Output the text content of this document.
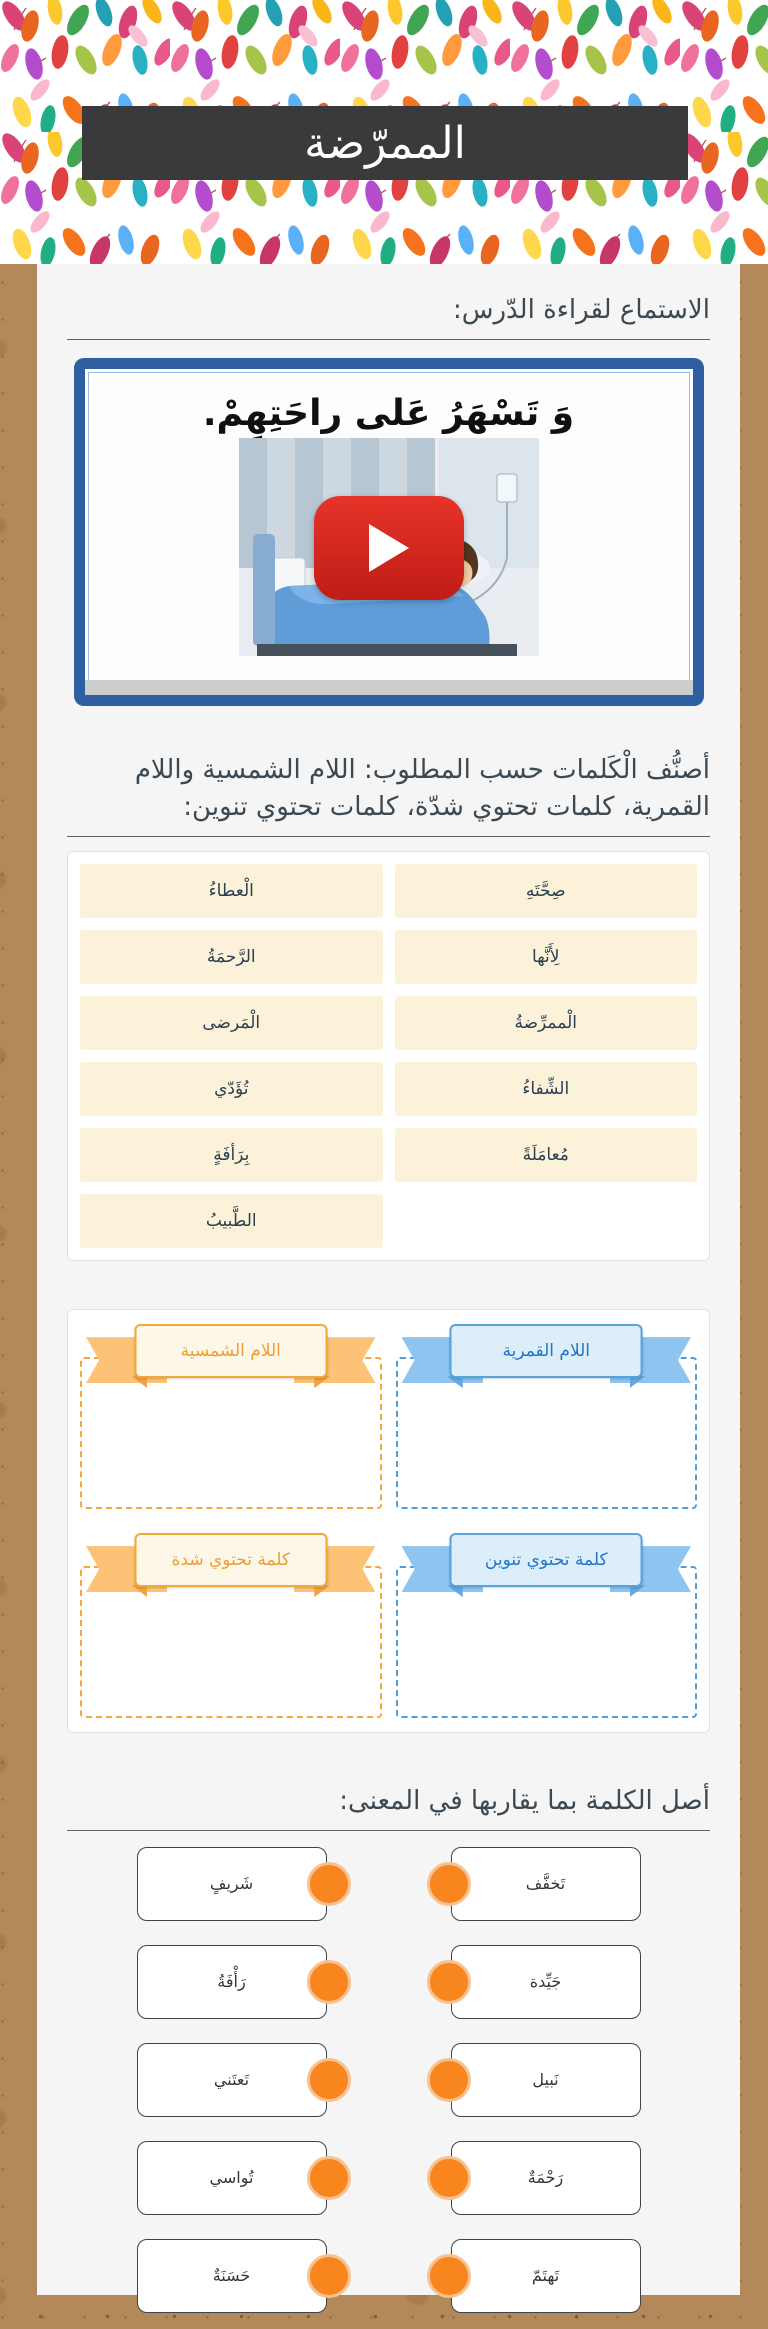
الممرّضة
الاستماع لقراءة الدّرس:
وَ تَسْهَرُ عَلى راحَتِهِمْ.
أصنُّف الْكَلمات حسب المطلوب: اللام الشمسية واللام القمرية، كلمات تحتوي شدّة، كلمات تحتوي تنوين:
صِحَّتَهِ
لِأَنَّها
الْممرِّضةُ
الشِّفاءُ
مُعامَلَةً
الْعطاءُ
الرَّحمَةُ
الْمَرضى
تُؤَدّي
بِرَأفَةٍ
الطَّبيبُ
اللام القمرية
اللام الشمسية
كلمة تحتوي تنوين
كلمة تحتوي شدة
أصل الكلمة بما يقاربها في المعنى:
تَخفَّف
شَريفٍ
جَيِّدة
رَأْفَةُ
نَبيل
تَعتَني
رَحْمَةٌ
تُواسي
تَهتَمّ
حَسَنَةٌ
